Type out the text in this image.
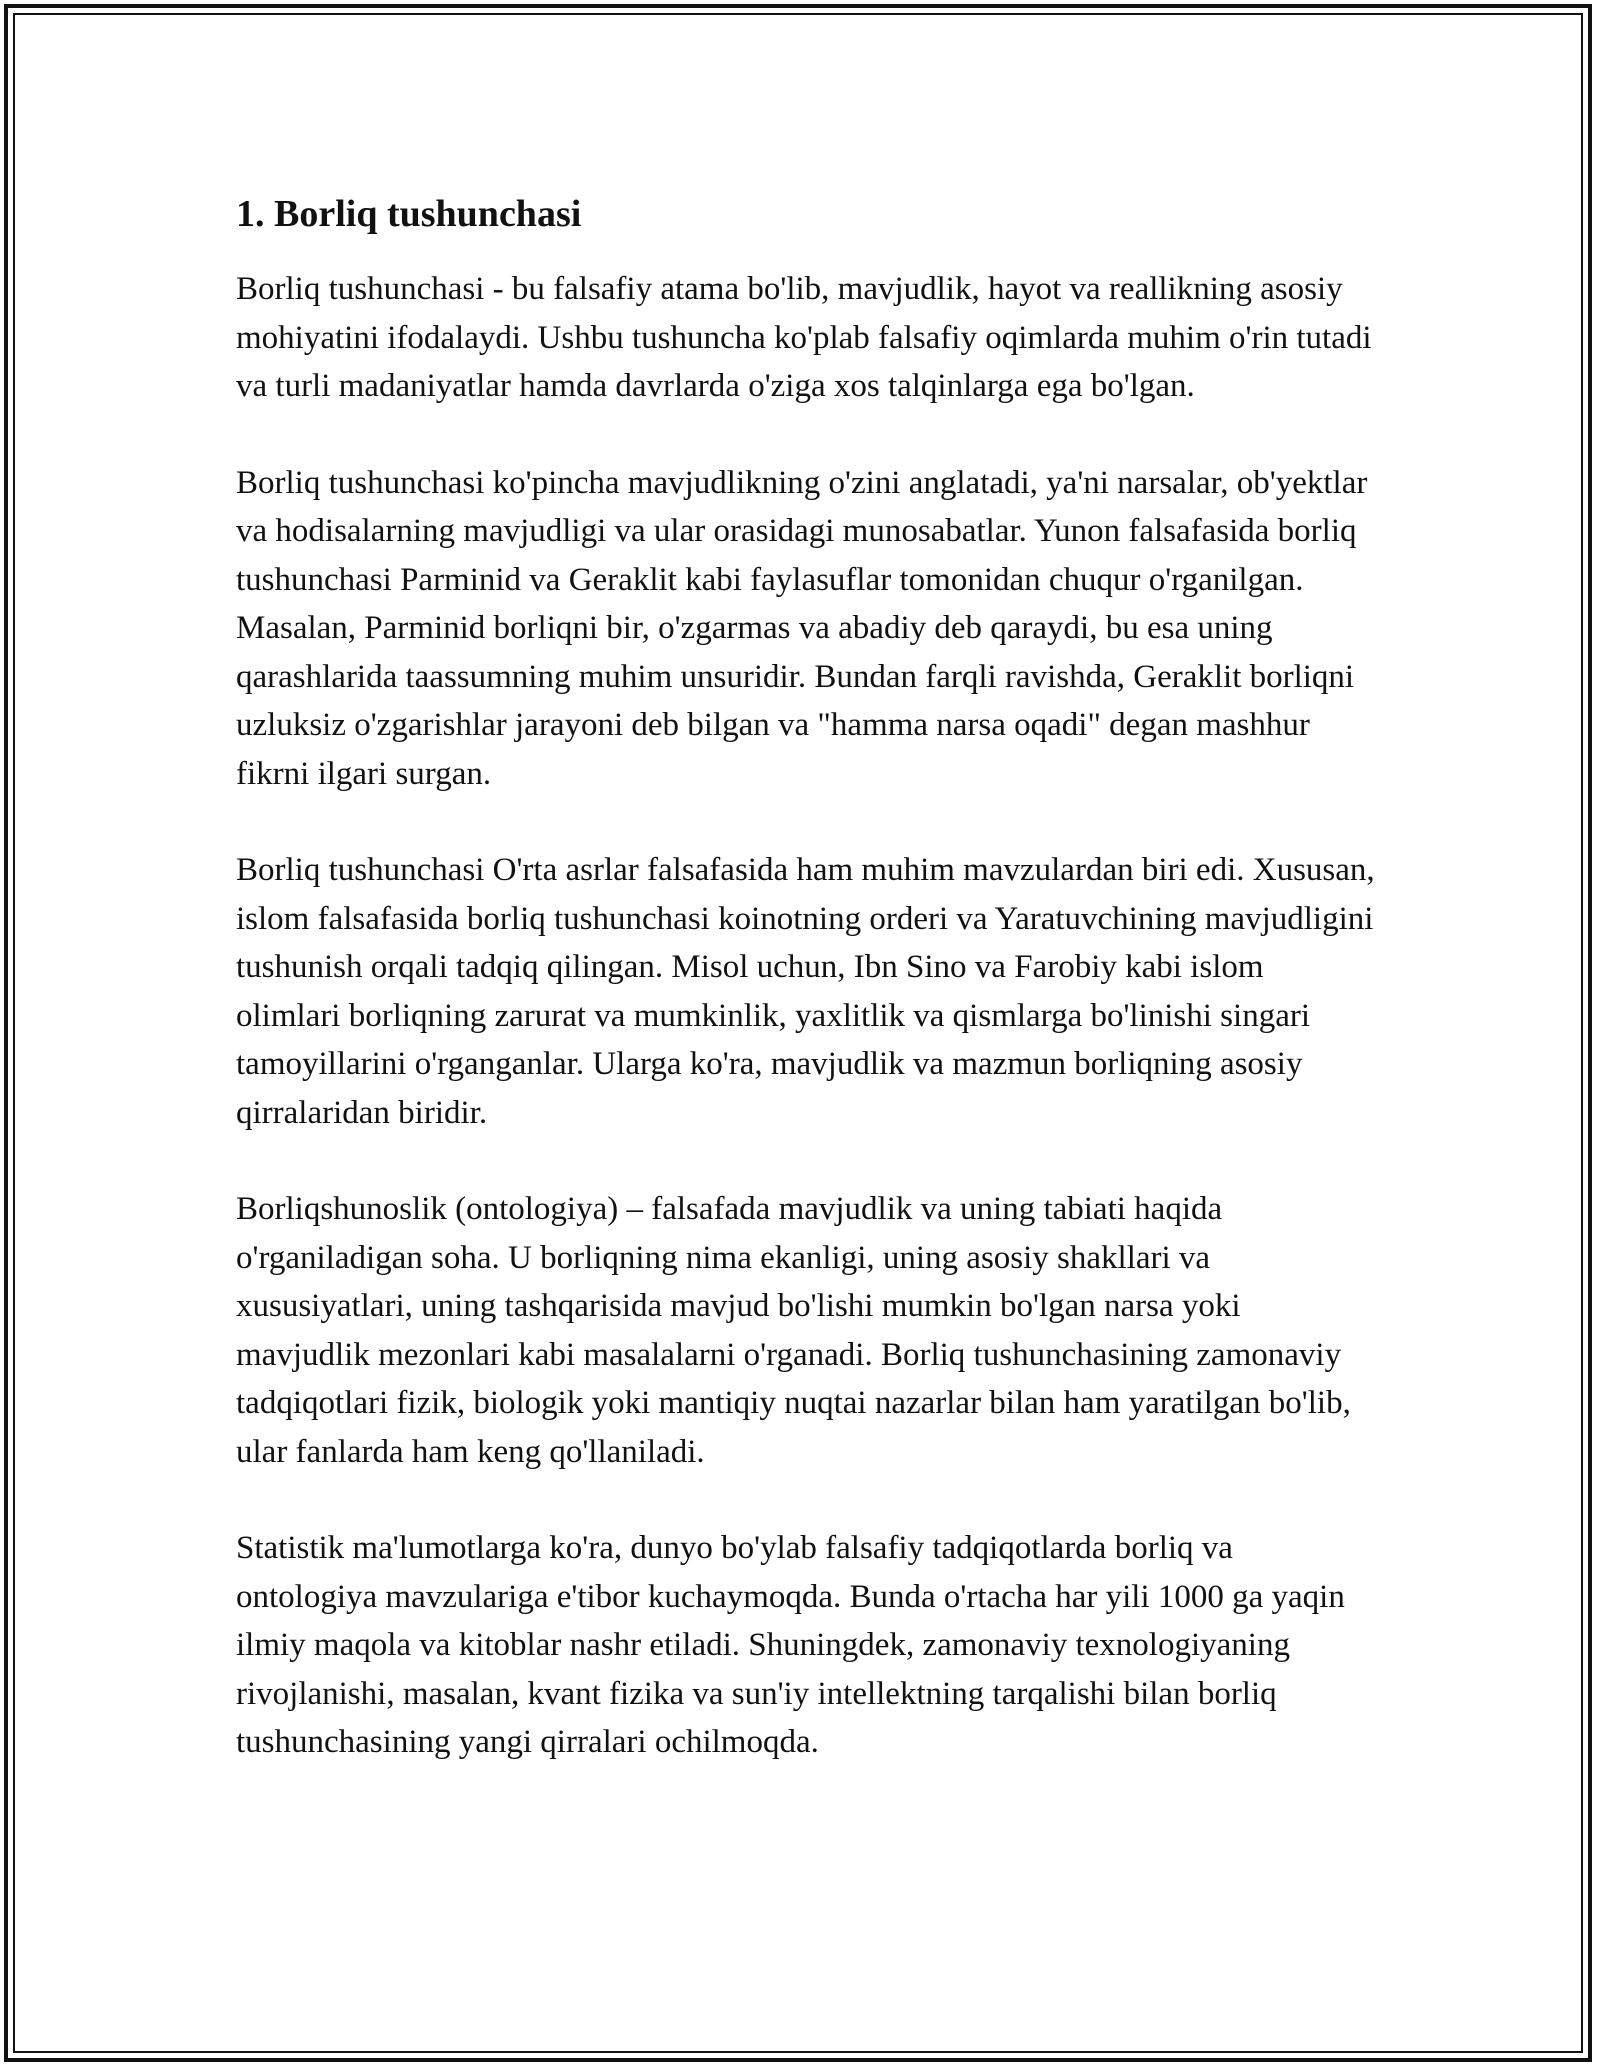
1. Borliq tushunchasi

Borliq tushunchasi - bu falsafiy atama bo'lib, mavjudlik, hayot va reallikning asosiy mohiyatini ifodalaydi. Ushbu tushuncha ko'plab falsafiy oqimlarda muhim o'rin tutadi va turli madaniyatlar hamda davrlarda o'ziga xos talqinlarga ega bo'lgan.

Borliq tushunchasi ko'pincha mavjudlikning o'zini anglatadi, ya'ni narsalar, ob'yektlar va hodisalarning mavjudligi va ular orasidagi munosabatlar. Yunon falsafasida borliq tushunchasi Parminid va Geraklit kabi faylasuflar tomonidan chuqur o'rganilgan. Masalan, Parminid borliqni bir, o'zgarmas va abadiy deb qaraydi, bu esa uning qarashlarida taassumning muhim unsuridir. Bundan farqli ravishda, Geraklit borliqni uzluksiz o'zgarishlar jarayoni deb bilgan va "hamma narsa oqadi" degan mashhur fikrni ilgari surgan.

Borliq tushunchasi O'rta asrlar falsafasida ham muhim mavzulardan biri edi. Xususan, islom falsafasida borliq tushunchasi koinotning orderi va Yaratuvchining mavjudligini tushunish orqali tadqiq qilingan. Misol uchun, Ibn Sino va Farobiy kabi islom olimlari borliqning zarurat va mumkinlik, yaxlitlik va qismlarga bo'linishi singari tamoyillarini o'rganganlar. Ularga ko'ra, mavjudlik va mazmun borliqning asosiy qirralaridan biridir.

Borliqshunoslik (ontologiya) – falsafada mavjudlik va uning tabiati haqida o'rganiladigan soha. U borliqning nima ekanligi, uning asosiy shakllari va xususiyatlari, uning tashqarisida mavjud bo'lishi mumkin bo'lgan narsa yoki mavjudlik mezonlari kabi masalalarni o'rganadi. Borliq tushunchasining zamonaviy tadqiqotlari fizik, biologik yoki mantiqiy nuqtai nazarlar bilan ham yaratilgan bo'lib, ular fanlarda ham keng qo'llaniladi.

Statistik ma'lumotlarga ko'ra, dunyo bo'ylab falsafiy tadqiqotlarda borliq va ontologiya mavzulariga e'tibor kuchaymoqda. Bunda o'rtacha har yili 1000 ga yaqin ilmiy maqola va kitoblar nashr etiladi. Shuningdek, zamonaviy texnologiyaning rivojlanishi, masalan, kvant fizika va sun'iy intellektning tarqalishi bilan borliq tushunchasining yangi qirralari ochilmoqda.
